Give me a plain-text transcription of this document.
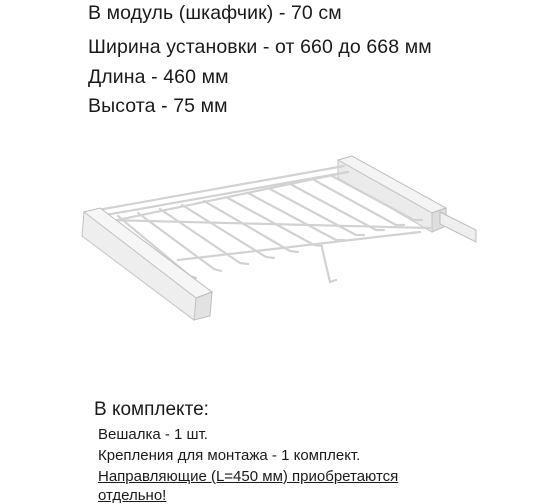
В модуль (шкафчик) - 70 см
Ширина установки - от 660 до 668 мм
Длина - 460 мм
Высота - 75 мм
В комплекте:
Вешалка - 1 шт.
Крепления для монтажа - 1 комплект.
Направляющие (L=450 мм) приобретаются
отдельно!
